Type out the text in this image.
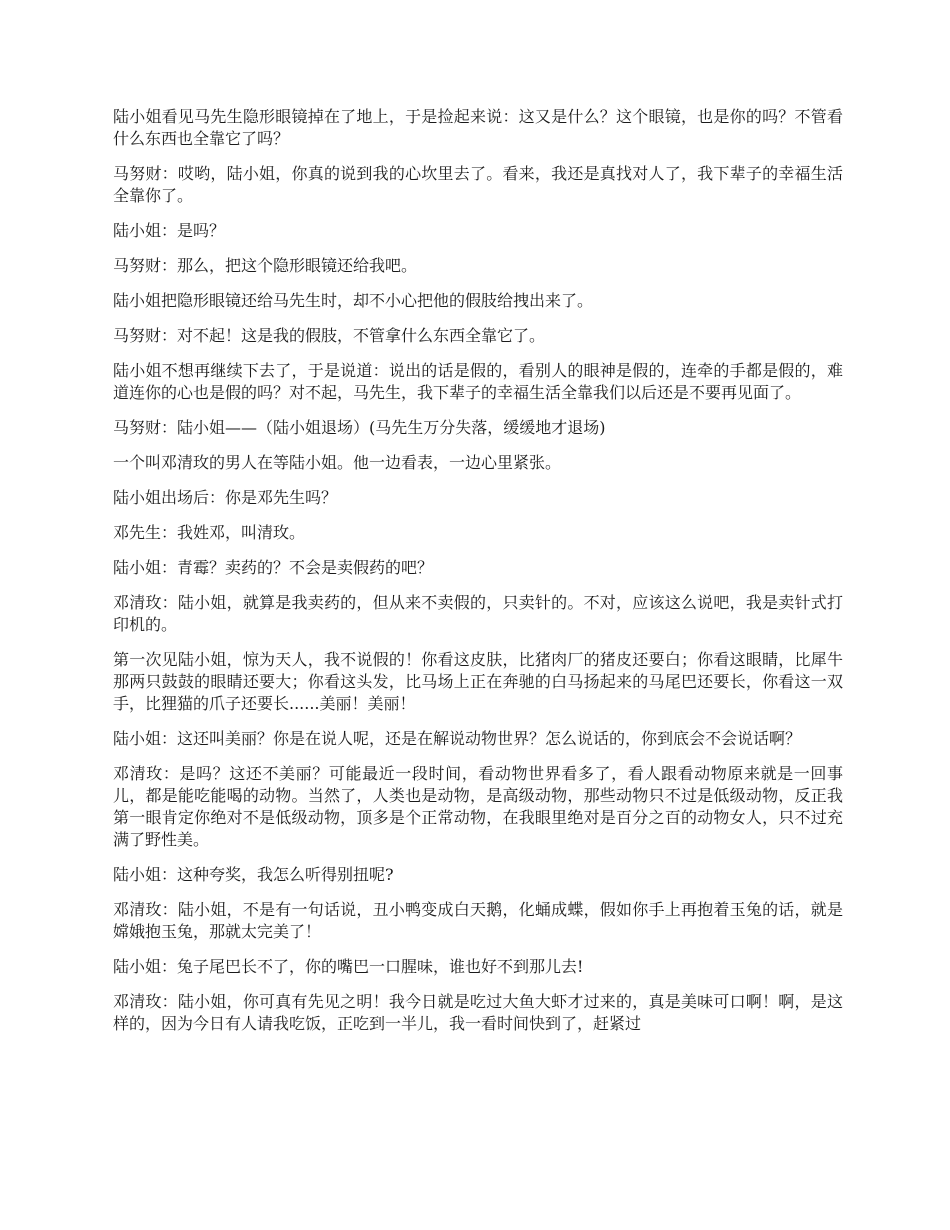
陆小姐看见马先生隐形眼镜掉在了地上，于是捡起来说：这又是什么？这个眼镜，也是你的吗？不管看什么东西也全靠它了吗？

马努财：哎哟，陆小姐，你真的说到我的心坎里去了。看来，我还是真找对人了，我下辈子的幸福生活全靠你了。

陆小姐：是吗？

马努财：那么，把这个隐形眼镜还给我吧。

陆小姐把隐形眼镜还给马先生时，却不小心把他的假肢给拽出来了。

马努财：对不起！这是我的假肢，不管拿什么东西全靠它了。

陆小姐不想再继续下去了，于是说道：说出的话是假的，看别人的眼神是假的，连牵的手都是假的，难道连你的心也是假的吗？对不起，马先生，我下辈子的幸福生活全靠我们以后还是不要再见面了。

马努财：陆小姐——（陆小姐退场）(马先生万分失落，缓缓地才退场)

一个叫邓清玫的男人在等陆小姐。他一边看表，一边心里紧张。

陆小姐出场后：你是邓先生吗？

邓先生：我姓邓，叫清玫。

陆小姐：青霉？卖药的？不会是卖假药的吧？

邓清玫：陆小姐，就算是我卖药的，但从来不卖假的，只卖针的。不对，应该这么说吧，我是卖针式打印机的。

第一次见陆小姐，惊为天人，我不说假的！你看这皮肤，比猪肉厂的猪皮还要白；你看这眼睛，比犀牛那两只鼓鼓的眼睛还要大；你看这头发，比马场上正在奔驰的白马扬起来的马尾巴还要长，你看这一双手，比狸猫的爪子还要长......美丽！美丽！

陆小姐：这还叫美丽？你是在说人呢，还是在解说动物世界？怎么说话的，你到底会不会说话啊？

邓清玫：是吗？这还不美丽？可能最近一段时间，看动物世界看多了，看人跟看动物原来就是一回事儿，都是能吃能喝的动物。当然了，人类也是动物，是高级动物，那些动物只不过是低级动物，反正我第一眼肯定你绝对不是低级动物，顶多是个正常动物，在我眼里绝对是百分之百的动物女人，只不过充满了野性美。

陆小姐：这种夸奖，我怎么听得别扭呢?

邓清玫：陆小姐，不是有一句话说，丑小鸭变成白天鹅，化蛹成蝶，假如你手上再抱着玉兔的话，就是嫦娥抱玉兔，那就太完美了！

陆小姐：兔子尾巴长不了，你的嘴巴一口腥味，谁也好不到那儿去!

邓清玫：陆小姐，你可真有先见之明！我今日就是吃过大鱼大虾才过来的，真是美味可口啊！啊，是这样的，因为今日有人请我吃饭，正吃到一半儿，我一看时间快到了，赶紧过
